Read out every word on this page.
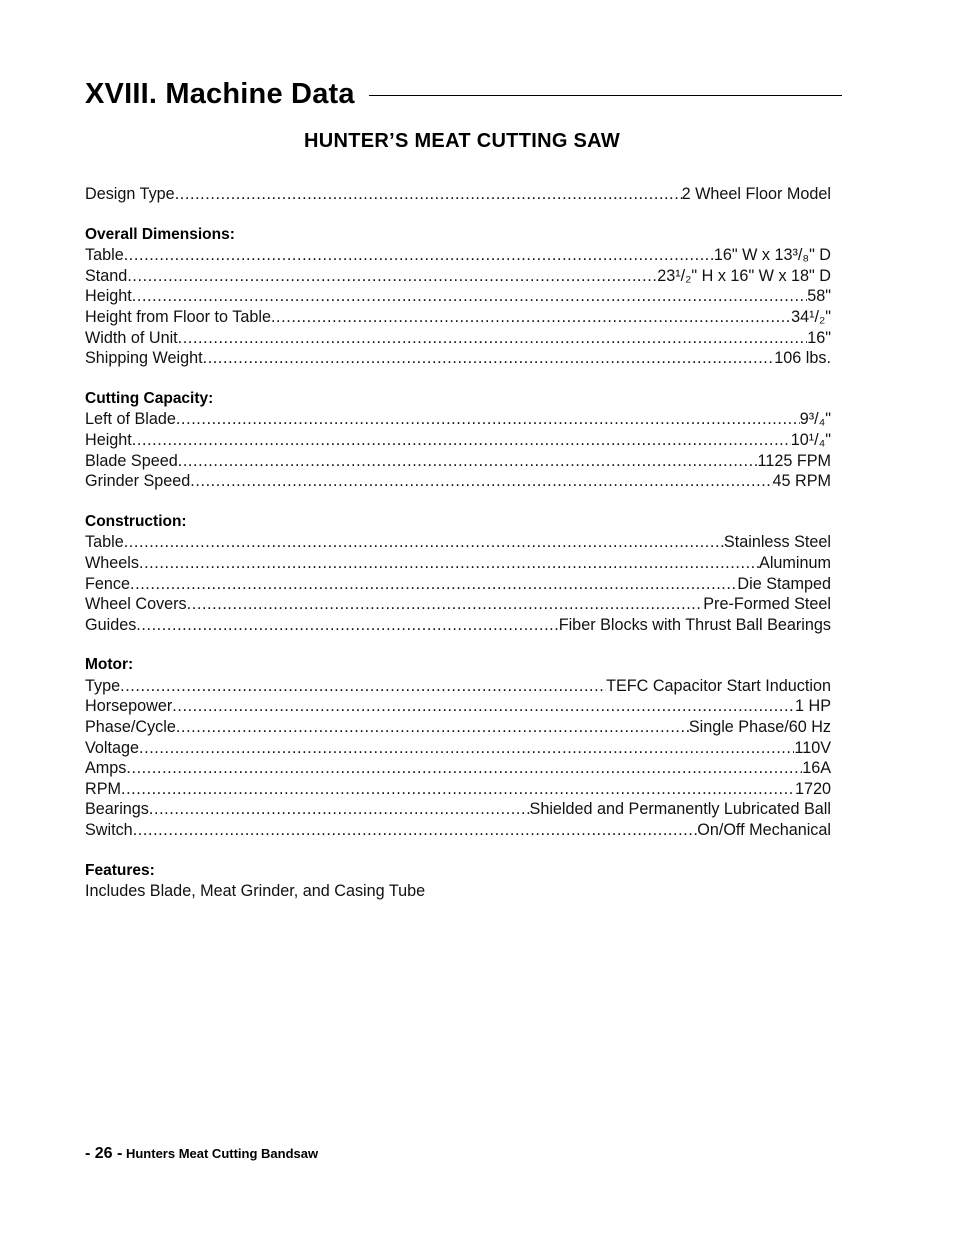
XVIII. Machine Data
HUNTER’S MEAT CUTTING SAW
Design Type .....	2 Wheel Floor Model
Overall Dimensions:
Table .....	16" W x 13³/₈" D
Stand .....	23¹/₂" H x 16" W x 18" D
Height .....	58"
Height from Floor to Table .....	34¹/₂"
Width of Unit .....	16"
Shipping Weight .....	106 lbs.
Cutting Capacity:
Left of Blade .....	9³/₄"
Height .....	10¹/₄"
Blade Speed .....	1125 FPM
Grinder Speed .....	45 RPM
Construction:
Table .....	Stainless Steel
Wheels .....	Aluminum
Fence .....	Die Stamped
Wheel Covers .....	Pre-Formed Steel
Guides .....	Fiber Blocks with Thrust Ball Bearings
Motor:
Type .....	TEFC Capacitor Start Induction
Horsepower .....	1 HP
Phase/Cycle .....	Single Phase/60 Hz
Voltage .....	110V
Amps .....	16A
RPM .....	1720
Bearings .....	Shielded and Permanently Lubricated Ball
Switch .....	On/Off Mechanical
Features:
Includes Blade, Meat Grinder, and Casing Tube
- 26 - Hunters Meat Cutting Bandsaw
